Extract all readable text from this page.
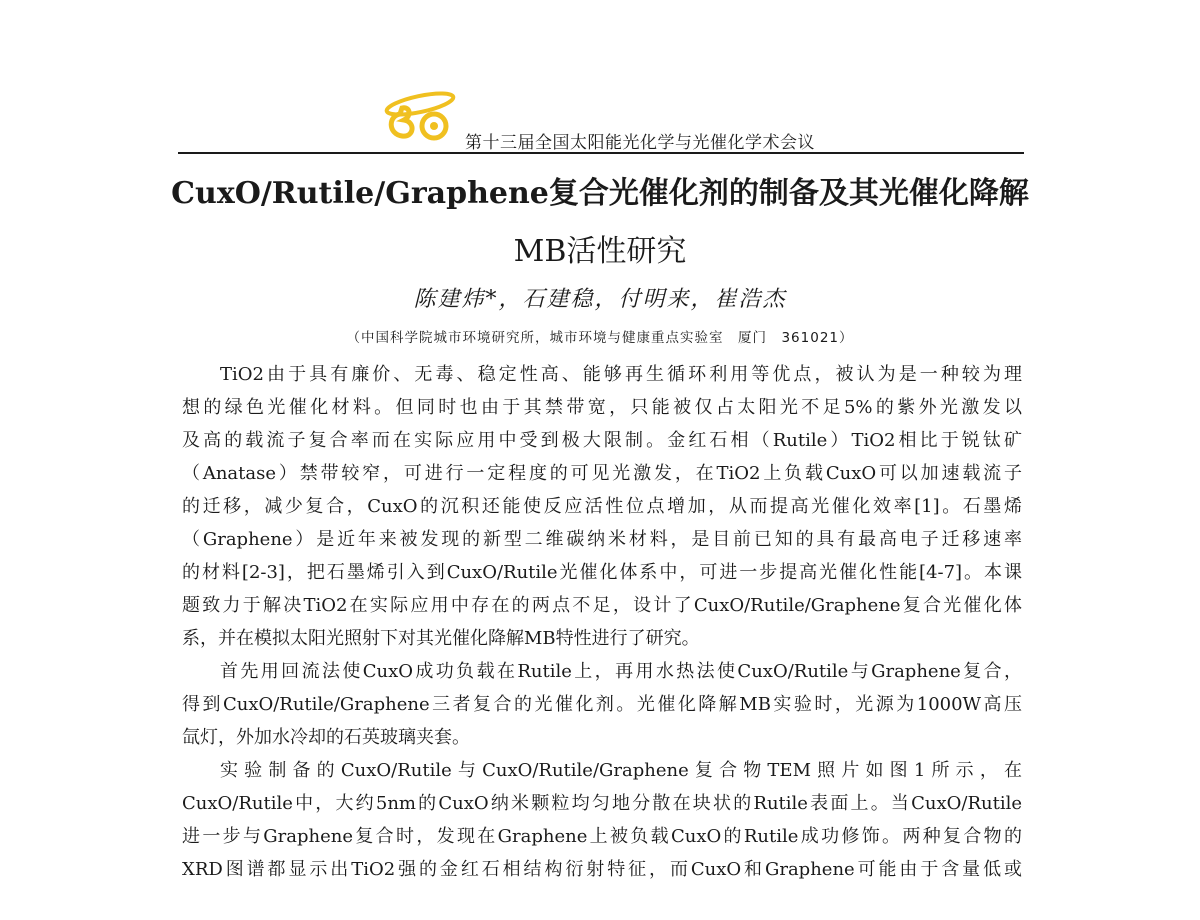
第十三届全国太阳能光化学与光催化学术会议
CuxO/Rutile/Graphene复合光催化剂的制备及其光催化降解
MB活性研究
陈建炜*，石建稳，付明来，崔浩杰
（中国科学院城市环境研究所，城市环境与健康重点实验室　厦门　361021）
TiO2由于具有廉价、无毒、稳定性高、能够再生循环利用等优点，被认为是一种较为理
想的绿色光催化材料。但同时也由于其禁带宽，只能被仅占太阳光不足5%的紫外光激发以
及高的载流子复合率而在实际应用中受到极大限制。金红石相（Rutile）TiO2相比于锐钛矿
（Anatase）禁带较窄，可进行一定程度的可见光激发，在TiO2上负载CuxO可以加速载流子
的迁移，减少复合，CuxO的沉积还能使反应活性位点增加，从而提高光催化效率[1]。石墨烯
（Graphene）是近年来被发现的新型二维碳纳米材料，是目前已知的具有最高电子迁移速率
的材料[2-3]，把石墨烯引入到CuxO/Rutile光催化体系中，可进一步提高光催化性能[4-7]。本课
题致力于解决TiO2在实际应用中存在的两点不足，设计了CuxO/Rutile/Graphene复合光催化体
系，并在模拟太阳光照射下对其光催化降解MB特性进行了研究。
首先用回流法使CuxO成功负载在Rutile上，再用水热法使CuxO/Rutile与Graphene复合，
得到CuxO/Rutile/Graphene三者复合的光催化剂。光催化降解MB实验时，光源为1000W高压
氙灯，外加水冷却的石英玻璃夹套。
实验制备的CuxO/Rutile与CuxO/Rutile/Graphene复合物TEM照片如图1所示，在
CuxO/Rutile中，大约5nm的CuxO纳米颗粒均匀地分散在块状的Rutile表面上。当CuxO/Rutile
进一步与Graphene复合时，发现在Graphene上被负载CuxO的Rutile成功修饰。两种复合物的
XRD图谱都显示出TiO2强的金红石相结构衍射特征，而CuxO和Graphene可能由于含量低或
